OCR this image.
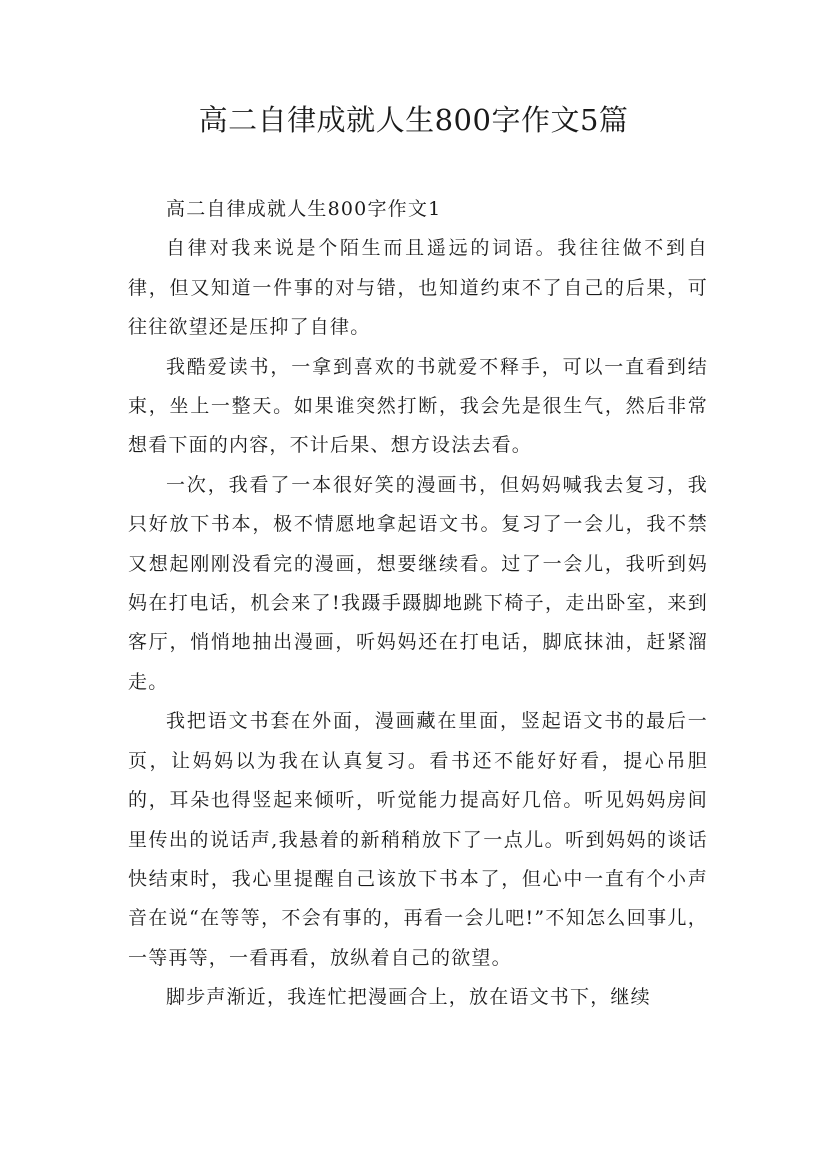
高二自律成就人生800字作文5篇
高二自律成就人生800字作文1

自律对我来说是个陌生而且遥远的词语。我往往做不到自律，但又知道一件事的对与错，也知道约束不了自己的后果，可往往欲望还是压抑了自律。

我酷爱读书，一拿到喜欢的书就爱不释手，可以一直看到结束，坐上一整天。如果谁突然打断，我会先是很生气，然后非常想看下面的内容，不计后果、想方设法去看。

一次，我看了一本很好笑的漫画书，但妈妈喊我去复习，我只好放下书本，极不情愿地拿起语文书。复习了一会儿，我不禁又想起刚刚没看完的漫画，想要继续看。过了一会儿，我听到妈妈在打电话，机会来了!我蹑手蹑脚地跳下椅子，走出卧室，来到客厅，悄悄地抽出漫画，听妈妈还在打电话，脚底抹油，赶紧溜走。

我把语文书套在外面，漫画藏在里面，竖起语文书的最后一页，让妈妈以为我在认真复习。看书还不能好好看，提心吊胆的，耳朵也得竖起来倾听，听觉能力提高好几倍。听见妈妈房间里传出的说话声,我悬着的新稍稍放下了一点儿。听到妈妈的谈话快结束时，我心里提醒自己该放下书本了，但心中一直有个小声音在说“在等等，不会有事的，再看一会儿吧!”不知怎么回事儿，一等再等，一看再看，放纵着自己的欲望。

脚步声渐近，我连忙把漫画合上，放在语文书下，继续
